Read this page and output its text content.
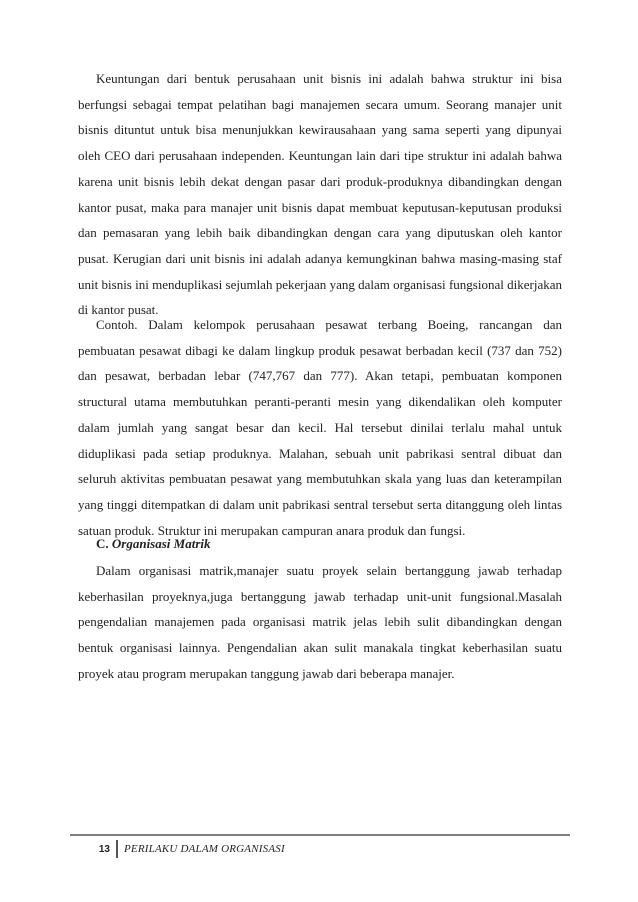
Keuntungan dari bentuk perusahaan unit bisnis ini adalah bahwa struktur ini bisa berfungsi sebagai tempat pelatihan bagi manajemen secara umum. Seorang manajer unit bisnis dituntut untuk bisa menunjukkan kewirausahaan yang sama seperti yang dipunyai oleh CEO dari perusahaan independen. Keuntungan lain dari tipe struktur ini adalah bahwa karena unit bisnis lebih dekat dengan pasar dari produk-produknya dibandingkan dengan kantor pusat, maka para manajer unit bisnis dapat membuat keputusan-keputusan produksi dan pemasaran yang lebih baik dibandingkan dengan cara yang diputuskan oleh kantor pusat. Kerugian dari unit bisnis ini adalah adanya kemungkinan bahwa masing-masing staf unit bisnis ini menduplikasi sejumlah pekerjaan yang dalam organisasi fungsional dikerjakan di kantor pusat.

Contoh. Dalam kelompok perusahaan pesawat terbang Boeing, rancangan dan pembuatan pesawat dibagi ke dalam lingkup produk pesawat berbadan kecil (737 dan 752) dan pesawat, berbadan lebar (747,767 dan 777). Akan tetapi, pembuatan komponen structural utama membutuhkan peranti-peranti mesin yang dikendalikan oleh komputer dalam jumlah yang sangat besar dan kecil. Hal tersebut dinilai terlalu mahal untuk diduplikasi pada setiap produknya. Malahan, sebuah unit pabrikasi sentral dibuat dan seluruh aktivitas pembuatan pesawat yang membutuhkan skala yang luas dan keterampilan yang tinggi ditempatkan di dalam unit pabrikasi sentral tersebut serta ditanggung oleh lintas satuan produk. Struktur ini merupakan campuran anara produk dan fungsi.

C. Organisasi Matrik

Dalam organisasi matrik,manajer suatu proyek selain bertanggung jawab terhadap keberhasilan proyeknya,juga bertanggung jawab terhadap unit-unit fungsional.Masalah pengendalian manajemen pada organisasi matrik jelas lebih sulit dibandingkan dengan bentuk organisasi lainnya. Pengendalian akan sulit manakala tingkat keberhasilan suatu proyek atau program merupakan tanggung jawab dari beberapa manajer.

13	PERILAKU DALAM ORGANISASI
